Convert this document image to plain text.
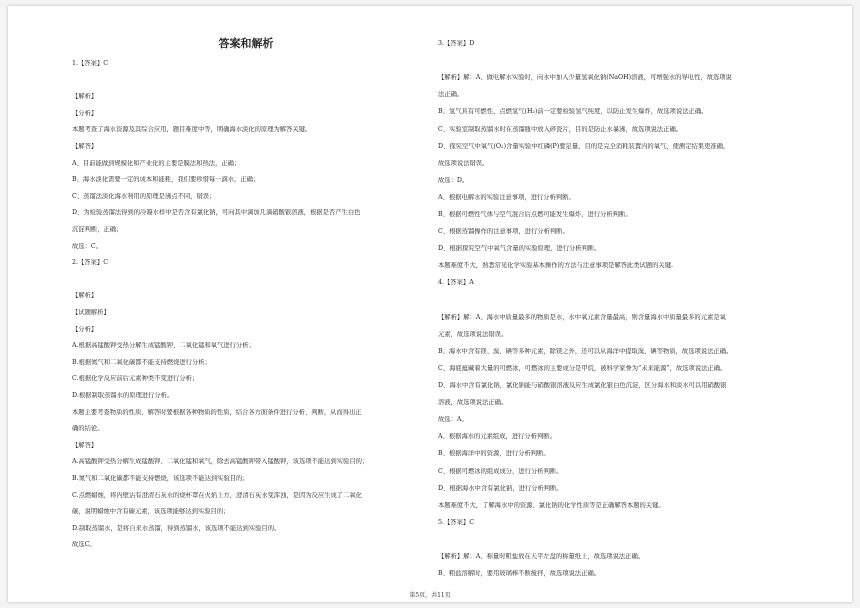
答案和解析
1.【答案】C
【解析】
【分析】
本题考查了海水资源及其综合应用，题目难度中等，明确海水淡化的原理为解答关键。
【解答】
A、目前能做到规模化和产业化的主要是膜法和热法，正确；
B、海水淡化需要一定的成本和能耗，我们要珍惜每一滴水，正确；
C、蒸馏法淡化海水利用的原理是沸点不同，错误；
D、为检验蒸馏法得到的冷凝水样中是否含有氯化钠，可向其中滴加几滴硝酸银溶液，根据是否产生白色
沉淀判断，正确；
故选：C。
2.【答案】C
【解析】
【试题解析】
【分析】
A.根据高锰酸钾受热分解生成锰酸钾、二氧化锰和氧气进行分析；
B.根据氮气和二氧化碳都不能支持燃烧进行分析；
C.根据化学反应前后元素种类不变进行分析；
D.根据制取蒸馏水的原理进行分析。
本题主要考查物质的性质，解答时要根据各种物质的性质，结合各方面条件进行分析、判断，从而得出正
确的结论。
【解答】
A.高锰酸钾受热分解生成锰酸钾、二氧化锰和氧气，除去高锰酸钾带入锰酸钾，该选项不能达到实验目的；
B.氮气和二氧化碳都不能支持燃烧，该选项不能达到实验目的；
C.点燃蜡烛，将内壁沾有澄清石灰水的烧杯罩在火焰上方，澄清石灰水变浑浊，是因为反应生成了二氧化
碳，说明蜡烛中含有碳元素，该选项能够达到实验目的；
D.制取蒸馏水，是将自来水蒸馏，得到蒸馏水，该选项不能达到实验目的。
故选C。
3.【答案】D
【解析】解：A、做电解水实验时，向水中加入少量氢氧化钠(NaOH)溶液，可增强水的导电性，故选项说
法正确。
B、氢气具有可燃性，点燃氢气(H₂)前一定要检验氢气纯度，以防止发生爆炸，故选项说法正确。
C、实验室制取蒸馏水时在蒸馏瓶中放入碎瓷片，目的是防止水暴沸，故选项说法正确。
D、探究空气中氧气(O₂)含量实验中红磷(P)要足量，目的是完全消耗装置内的氧气，使测定结果更准确，
故选项说法错误。
故选：D。
A、根据电解水的实验注意事项，进行分析判断。
B、根据可燃性气体与空气混合后点燃可能发生爆炸，进行分析判断。
C、根据蒸馏操作的注意事项，进行分析判断。
D、根据探究空气中氧气含量的实验原理，进行分析判断。
本题难度不大，熟悉常见化学实验基本操作的方法与注意事项是解答此类试题的关键.
4.【答案】A
【解析】解：A、海水中质量最多的物质是水，水中氧元素含量最高，则含量海水中质量最多的元素是氧
元素，故选项说法错误。
B、海水中含有镁、溴、碘等多种元素，除镁之外，还可以从海洋中提取溴、碘等物质，故选项说法正确。
C、海底蕴藏着大量的可燃冰，可燃冰的主要成分是甲烷，被科学家誉为“未来能源”，故选项说法正确。
D、海水中含有氯化钠，氯化钠能与硝酸银溶液反应生成氯化银白色沉淀，区分海水和淡水可以用硝酸银
溶液，故选项说法正确。
故选：A。
A、根据海水的元素组成，进行分析判断。
B、根据海洋中的资源，进行分析判断。
C、根据可燃冰的组成成分，进行分析判断。
D、根据海水中含有氯化钠，进行分析判断。
本题难度不大，了解海水中的资源、氯化钠的化学性质等是正确解答本题的关键。
5.【答案】C
【解析】解：A、称量时粗盐放在天平左盘的称量纸上，故选项说法正确。
B、粗盐溶解时，要用玻璃棒不断搅拌，故选项说法正确。
第5页，共11页
